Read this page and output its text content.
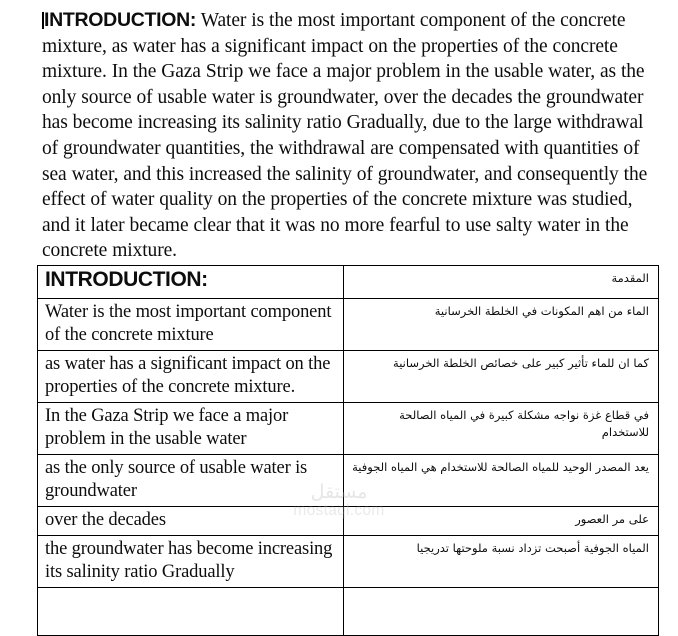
INTRODUCTION: Water is the most important component of the concrete mixture, as water has a significant impact on the properties of the concrete mixture. In the Gaza Strip we face a major problem in the usable water, as the only source of usable water is groundwater, over the decades the groundwater has become increasing its salinity ratio Gradually, due to the large withdrawal of groundwater quantities, the withdrawal are compensated with quantities of sea water, and this increased the salinity of groundwater, and consequently the effect of water quality on the properties of the concrete mixture was studied, and it later became clear that it was no more fearful to use salty water in the concrete mixture.

INTRODUCTION:	المقدمة

Water is the most important component of the concrete mixture	الماء من اهم المكونات في الخلطة الخرسانية

as water has a significant impact on the properties of the concrete mixture.	كما ان للماء تأثير كبير على خصائص الخلطة الخرسانية

In the Gaza Strip we face a major problem in the usable water	في قطاع غزة نواجه مشكلة كبيرة في المياه الصالحة للاستخدام

as the only source of usable water is groundwater	يعد المصدر الوحيد للمياه الصالحة للاستخدام هي المياه الجوفية

over the decades	على مر العصور

the groundwater has become increasing its salinity ratio Gradually	المياه الجوفية أصبحت تزداد نسبة ملوحتها تدريجيا

مستقل
mostaql.com
